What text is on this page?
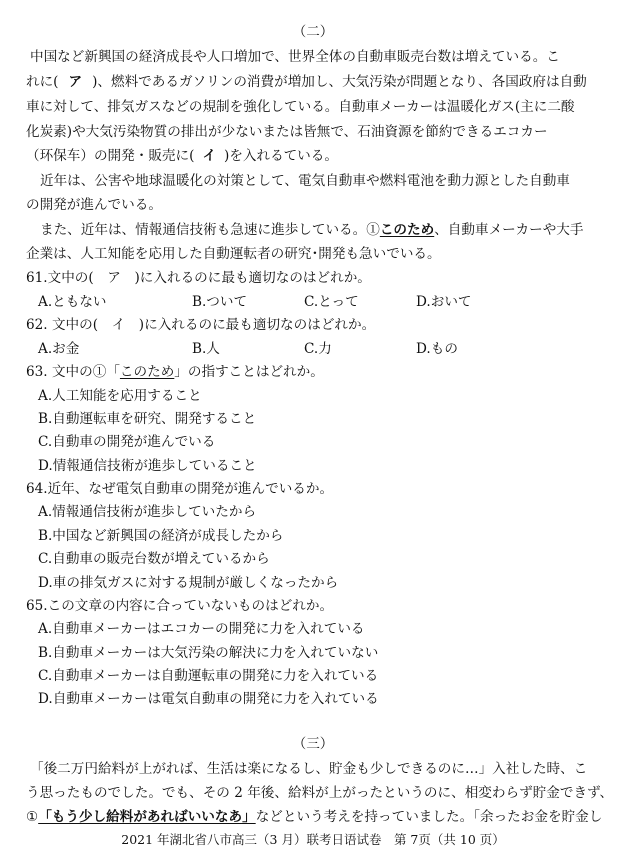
（二）
中国など新興国の経済成長や人口増加で、世界全体の自動車販売台数は増えている。こ
れに( ア )、燃料であるガソリンの消費が増加し、大気汚染が問題となり、各国政府は自動
車に対して、排気ガスなどの規制を強化している。自動車メーカーは温暖化ガス(主に二酸
化炭素)や大気汚染物質の排出が少ないまたは皆無で、石油資源を節約できるエコカー
（环保车）の開発・販売に( イ )を入れるている。
近年は、公害や地球温暖化の対策として、電気自動車や燃料電池を動力源とした自動車
の開発が進んでいる。
また、近年は、情報通信技術も急速に進歩している。①このため、自動車メーカーや大手
企業は、人工知能を応用した自動運転者の研究･開発も急いでいる。
61.文中の(　ア　)に入れるのに最も適切なのはどれか。
A.ともない	B.ついて	C.とって	D.おいて
62. 文中の(　イ　)に入れるのに最も適切なのはどれか。
A.お金	B.人	C.力	D.もの
63. 文中の①「このため」の指すことはどれか。
A.人工知能を応用すること
B.自動運転車を研究、開発すること
C.自動車の開発が進んでいる
D.情報通信技術が進歩していること
64.近年、なぜ電気自動車の開発が進んでいるか。
A.情報通信技術が進歩していたから
B.中国など新興国の経済が成長したから
C.自動車の販売台数が増えているから
D.車の排気ガスに対する規制が厳しくなったから
65.この文章の内容に合っていないものはどれか。
A.自動車メーカーはエコカーの開発に力を入れている
B.自動車メーカーは大気汚染の解決に力を入れていない
C.自動車メーカーは自動運転車の開発に力を入れている
D.自動車メーカーは電気自動車の開発に力を入れている
（三）
「後二万円給料が上がれば、生活は楽になるし、貯金も少しできるのに…」入社した時、こ
う思ったものでした。でも、その 2 年後、給料が上がったというのに、相変わらず貯金できず、
①「もう少し給料があればいいなあ」などという考えを持っていました。「余ったお金を貯金し
2021 年湖北省八市高三（3 月）联考日语试卷　第 7页（共 10 页）
